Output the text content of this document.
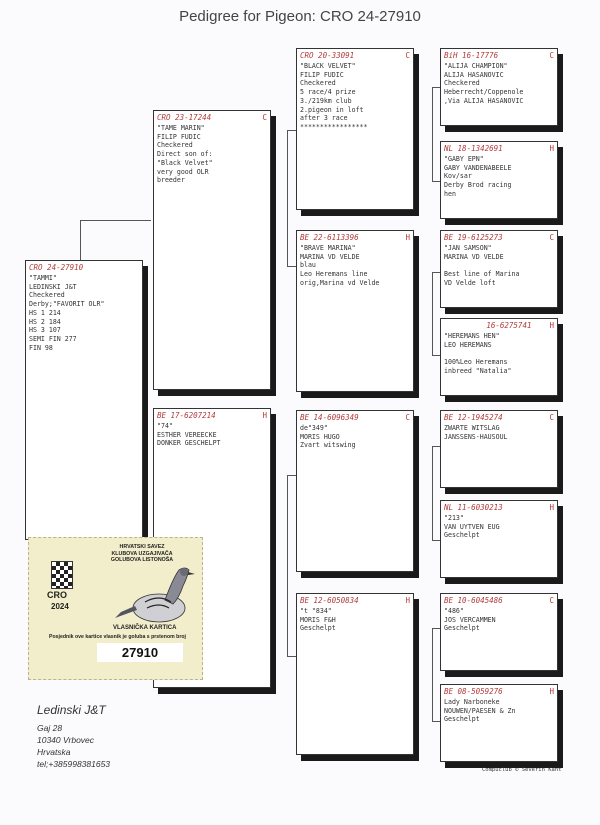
Pedigree for Pigeon: CRO 24-27910
CRO 24-27910
"TAMMI"
LEDINSKI J&T
Checkered
Derby;"FAVORIT OLR"
HS 1 214
HS 2 184
HS 3 107
SEMI FIN 277
FIN 98
CRO 23-17244	C
"TAME MARIN"
FILIP FUDIC
Checkered
Direct son of:
"Black Velvet"
very good OLR
breeder
BE 17-6207214	H
"74"
ESTHER VEREECKE
DONKER GESCHELPT
CRO 20-33091	C
"BLACK VELVET"
FILIP FUDIC
Checkered
5 race/4 prize
3./219km club
2.pigeon in loft
after 3 race
*****************
BE 22-6113396	H
"BRAVE MARINA"
MARINA VD VELDE
blau
Leo Heremans line
orig,Marina vd Velde
BE 14-6096349	C
de"349"
MORIS HUGO
Zvart witswing
BE 12-6050834	H
"t "834"
MORIS F&H
Geschelpt
BiH 16-17776	C
"ALIJA CHAMPION"
ALIJA HASANOVIC
Checkered
Heberrecht/Coppenole
,Via ALIJA HASANOVIC
NL 18-1342691	H
"GABY EPN"
GABY VANDENABEELE
Kov/sar
Derby Brod racing
hen
BE 19-6125273	C
"JAN SAMSON"
MARINA VD VELDE

Best line of Marina
VD Velde loft
16-6275741 H
"HEREMANS HEN"
LEO HEREMANS

100%Leo Heremans
inbreed "Natalia"
BE 12-1945274	C
ZWARTE WITSLAG
JANSSENS-HAUSOUL
NL 11-6030213	H
"213"
VAN UYTVEN EUG
Geschelpt
BE 10-6045486	C
"486"
JOS VERCAMMEN
Geschelpt
BE 08-5059276	H
Lady Narboneke
NOUWEN/PAESEN & Zn
Geschelpt
HRVATSKI SAVEZ
KLUBOVA UZGAJIVAČA
GOLUBOVA LISTONOŠA
CRO
2024
VLASNIČKA KARTICA
Posjednik ove kartice vlasnik je goluba s prstenom broj
27910
Ledinski J&T
Gaj 28
10340 Vrbovec
Hrvatska
tel;+385998381653
Compuclub © Severin Kant
